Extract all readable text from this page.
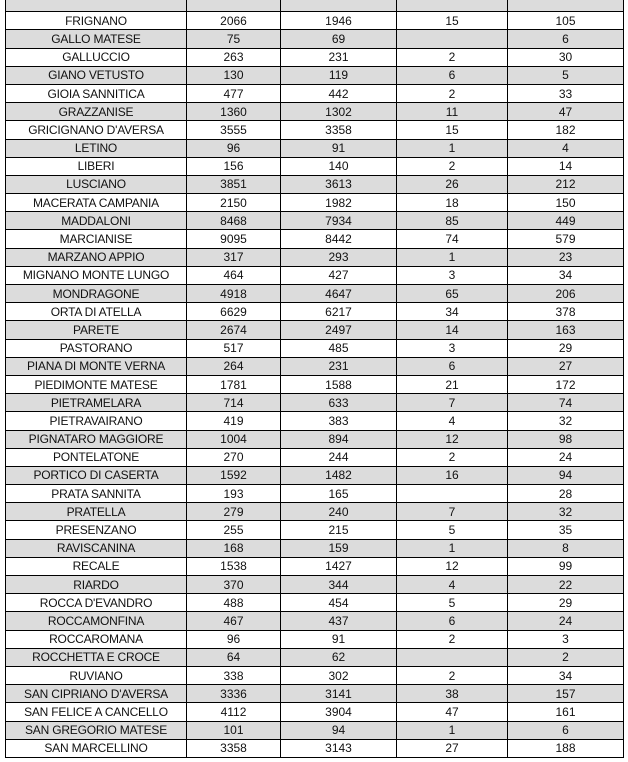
FRIGNANO	2066	1946	15	105
GALLO MATESE	75	69		6
GALLUCCIO	263	231	2	30
GIANO VETUSTO	130	119	6	5
GIOIA SANNITICA	477	442	2	33
GRAZZANISE	1360	1302	11	47
GRICIGNANO D'AVERSA	3555	3358	15	182
LETINO	96	91	1	4
LIBERI	156	140	2	14
LUSCIANO	3851	3613	26	212
MACERATA CAMPANIA	2150	1982	18	150
MADDALONI	8468	7934	85	449
MARCIANISE	9095	8442	74	579
MARZANO APPIO	317	293	1	23
MIGNANO MONTE LUNGO	464	427	3	34
MONDRAGONE	4918	4647	65	206
ORTA DI ATELLA	6629	6217	34	378
PARETE	2674	2497	14	163
PASTORANO	517	485	3	29
PIANA DI MONTE VERNA	264	231	6	27
PIEDIMONTE MATESE	1781	1588	21	172
PIETRAMELARA	714	633	7	74
PIETRAVAIRANO	419	383	4	32
PIGNATARO MAGGIORE	1004	894	12	98
PONTELATONE	270	244	2	24
PORTICO DI CASERTA	1592	1482	16	94
PRATA SANNITA	193	165		28
PRATELLA	279	240	7	32
PRESENZANO	255	215	5	35
RAVISCANINA	168	159	1	8
RECALE	1538	1427	12	99
RIARDO	370	344	4	22
ROCCA D'EVANDRO	488	454	5	29
ROCCAMONFINA	467	437	6	24
ROCCAROMANA	96	91	2	3
ROCCHETTA E CROCE	64	62		2
RUVIANO	338	302	2	34
SAN CIPRIANO D'AVERSA	3336	3141	38	157
SAN FELICE A CANCELLO	4112	3904	47	161
SAN GREGORIO MATESE	101	94	1	6
SAN MARCELLINO	3358	3143	27	188
